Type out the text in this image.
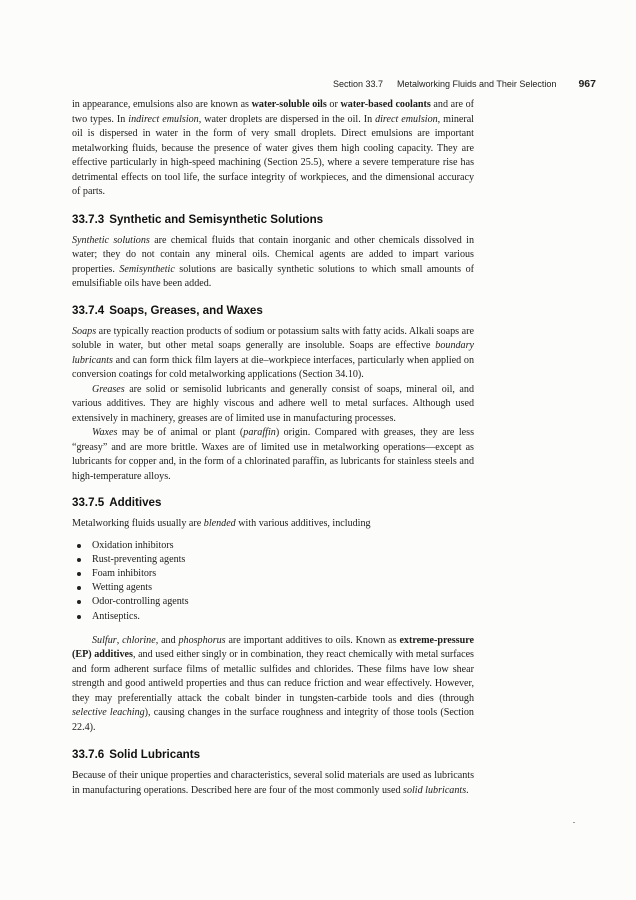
Section 33.7 Metalworking Fluids and Their Selection 967

in appearance, emulsions also are known as water-soluble oils or water-based coolants and are of two types. In indirect emulsion, water droplets are dispersed in the oil. In direct emulsion, mineral oil is dispersed in water in the form of very small droplets. Direct emulsions are important metalworking fluids, because the presence of water gives them high cooling capacity. They are effective particularly in high-speed machining (Section 25.5), where a severe temperature rise has detrimental effects on tool life, the surface integrity of workpieces, and the dimensional accuracy of parts.

33.7.3 Synthetic and Semisynthetic Solutions

Synthetic solutions are chemical fluids that contain inorganic and other chemicals dissolved in water; they do not contain any mineral oils. Chemical agents are added to impart various properties. Semisynthetic solutions are basically synthetic solutions to which small amounts of emulsifiable oils have been added.

33.7.4 Soaps, Greases, and Waxes

Soaps are typically reaction products of sodium or potassium salts with fatty acids. Alkali soaps are soluble in water, but other metal soaps generally are insoluble. Soaps are effective boundary lubricants and can form thick film layers at die–workpiece interfaces, particularly when applied on conversion coatings for cold metalworking applications (Section 34.10).

Greases are solid or semisolid lubricants and generally consist of soaps, mineral oil, and various additives. They are highly viscous and adhere well to metal surfaces. Although used extensively in machinery, greases are of limited use in manufacturing processes.

Waxes may be of animal or plant (paraffin) origin. Compared with greases, they are less “greasy” and are more brittle. Waxes are of limited use in metalworking operations—except as lubricants for copper and, in the form of a chlorinated paraffin, as lubricants for stainless steels and high-temperature alloys.

33.7.5 Additives

Metalworking fluids usually are blended with various additives, including

Oxidation inhibitors
Rust-preventing agents
Foam inhibitors
Wetting agents
Odor-controlling agents
Antiseptics.

Sulfur, chlorine, and phosphorus are important additives to oils. Known as extreme-pressure (EP) additives, and used either singly or in combination, they react chemically with metal surfaces and form adherent surface films of metallic sulfides and chlorides. These films have low shear strength and good antiweld properties and thus can reduce friction and wear effectively. However, they may preferentially attack the cobalt binder in tungsten-carbide tools and dies (through selective leaching), causing changes in the surface roughness and integrity of those tools (Section 22.4).

33.7.6 Solid Lubricants

Because of their unique properties and characteristics, several solid materials are used as lubricants in manufacturing operations. Described here are four of the most commonly used solid lubricants.
